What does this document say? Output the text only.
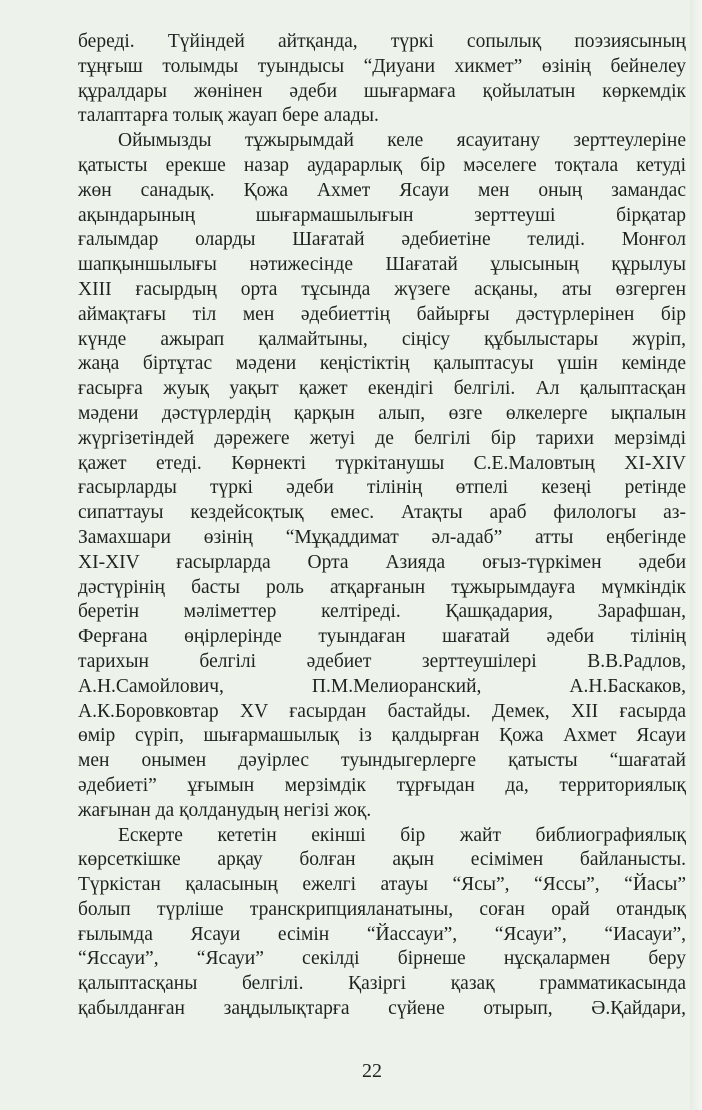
береді. Түйіндей айтқанда, түркі сопылық поэзиясының
тұңғыш толымды туындысы “Диуани хикмет” өзінің бейнелеу
құралдары жөнінен әдеби шығармаға қойылатын көркемдік
талаптарға толық жауап бере алады.
Ойымызды тұжырымдай келе ясауитану зерттеулеріне
қатысты ерекше назар аударарлық бір мәселеге тоқтала кетуді
жөн санадық. Қожа Ахмет Ясауи мен оның замандас
ақындарының шығармашылығын зерттеуші бірқатар
ғалымдар оларды Шағатай әдебиетіне телиді. Монғол
шапқыншылығы нәтижесінде Шағатай ұлысының құрылуы
XIII ғасырдың орта тұсында жүзеге асқаны, аты өзгерген
аймақтағы тіл мен әдебиеттің байырғы дәстүрлерінен бір
күнде ажырап қалмайтыны, сіңісу құбылыстары жүріп,
жаңа біртұтас мәдени кеңістіктің қалыптасуы үшін кемінде
ғасырға жуық уақыт қажет екендігі белгілі. Ал қалыптасқан
мәдени дәстүрлердің қарқын алып, өзге өлкелерге ықпалын
жүргізетіндей дәрежеге жетуі де белгілі бір тарихи мерзімді
қажет етеді. Көрнекті түркітанушы С.Е.Маловтың XI-XIV
ғасырларды түркі әдеби тілінің өтпелі кезеңі ретінде
сипаттауы кездейсоқтық емес. Атақты араб филологы аз-
Замахшари өзінің “Мұқаддимат әл-адаб” атты еңбегінде
XI-XIV ғасырларда Орта Азияда оғыз-түркімен әдеби
дәстүрінің басты роль атқарғанын тұжырымдауға мүмкіндік
беретін мәліметтер келтіреді. Қашқадария, Зарафшан,
Ферғана өңірлерінде туындаған шағатай әдеби тілінің
тарихын белгілі әдебиет зерттеушілері В.В.Радлов,
А.Н.Самойлович, П.М.Мелиоранский, А.Н.Баскаков,
А.К.Боровковтар XV ғасырдан бастайды. Демек, XII ғасырда
өмір сүріп, шығармашылық із қалдырған Қожа Ахмет Ясауи
мен онымен дәуірлес туындыгерлерге қатысты “шағатай
әдебиеті” ұғымын мерзімдік тұрғыдан да, территориялық
жағынан да қолданудың негізі жоқ.
Ескерте кететін екінші бір жайт библиографиялық
көрсеткішке арқау болған ақын есімімен байланысты.
Түркістан қаласының ежелгі атауы “Ясы”, “Яссы”, “Йасы”
болып түрліше транскрипцияланатыны, соған орай отандық
ғылымда Ясауи есімін “Йассауи”, “Ясауи”, “Иасауи”,
“Яссауи”, “Ясауи” секілді бірнеше нұсқалармен беру
қалыптасқаны белгілі. Қазіргі қазақ грамматикасында
қабылданған заңдылықтарға сүйене отырып, Ә.Қайдари,
22
